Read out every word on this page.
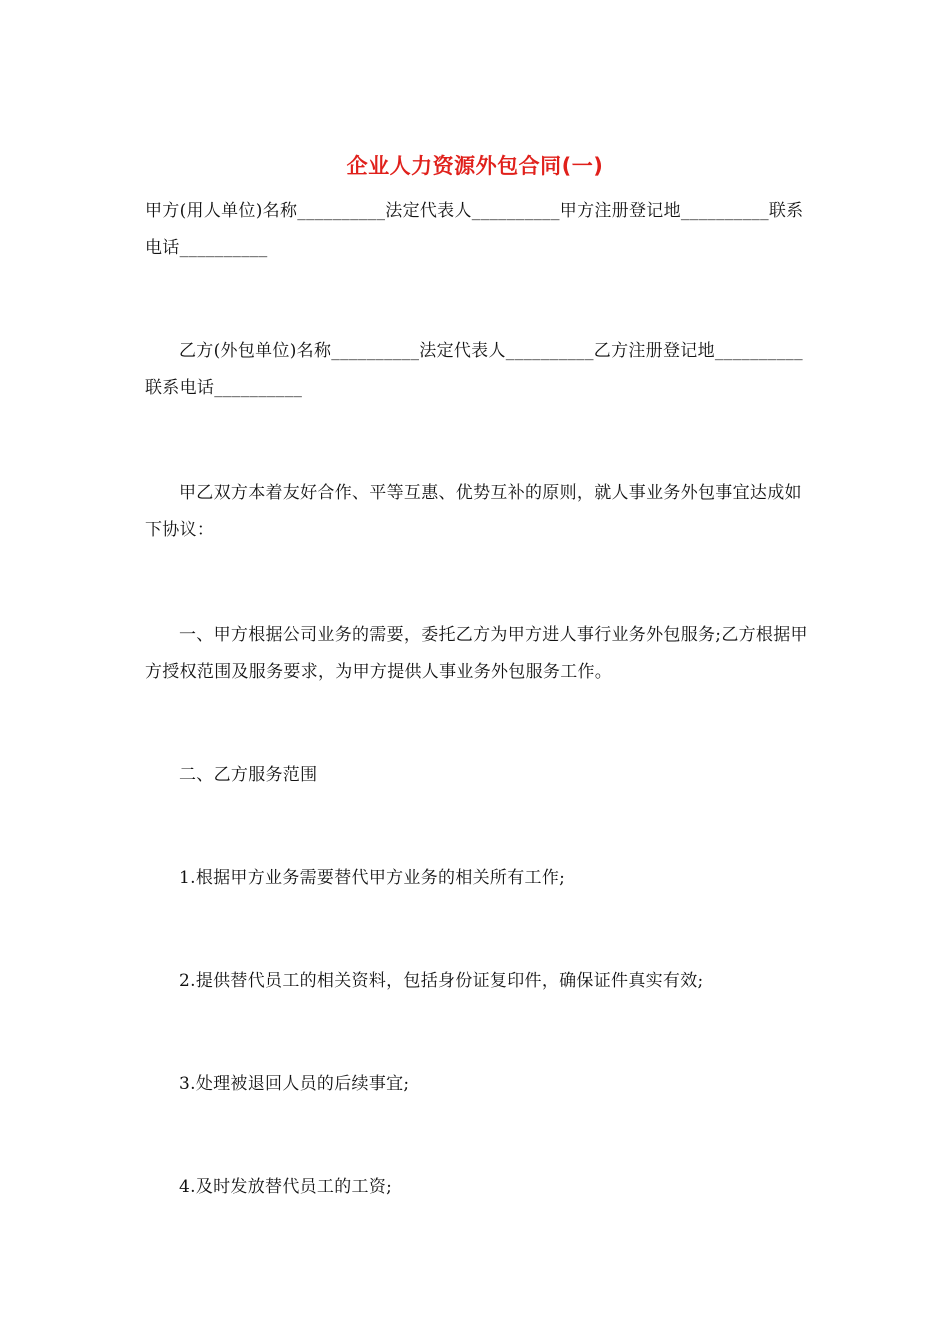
企业人力资源外包合同(一)
甲方(用人单位)名称__________法定代表人__________甲方注册登记地__________联系电话__________
乙方(外包单位)名称__________法定代表人__________乙方注册登记地__________联系电话__________
甲乙双方本着友好合作、平等互惠、优势互补的原则，就人事业务外包事宜达成如下协议：
一、甲方根据公司业务的需要，委托乙方为甲方进人事行业务外包服务;乙方根据甲方授权范围及服务要求，为甲方提供人事业务外包服务工作。
二、乙方服务范围
1.根据甲方业务需要替代甲方业务的相关所有工作;
2.提供替代员工的相关资料，包括身份证复印件，确保证件真实有效;
3.处理被退回人员的后续事宜;
4.及时发放替代员工的工资;
